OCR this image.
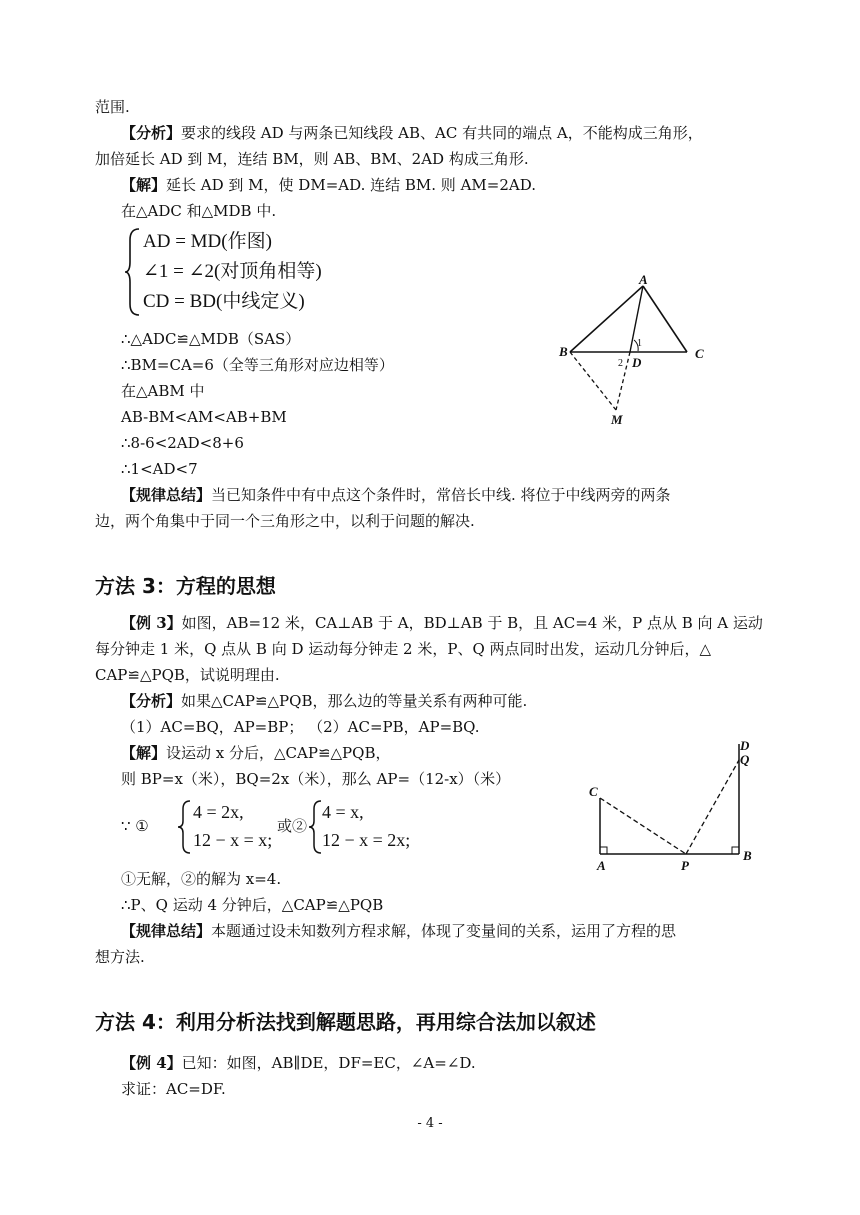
范围.
【分析】要求的线段 AD 与两条已知线段 AB、AC 有共同的端点 A，不能构成三角形，
加倍延长 AD 到 M，连结 BM，则 AB、BM、2AD 构成三角形.
【解】延长 AD 到 M，使 DM=AD. 连结 BM. 则 AM=2AD.
在△ADC 和△MDB 中.
AD = MD(作图)
∠1 = ∠2(对顶角相等)
CD = BD(中线定义)
∴△ADC≌△MDB（SAS）
∴BM=CA=6（全等三角形对应边相等）
在△ABM 中
AB-BM<AM<AB+BM
∴8-6<2AD<8+6
∴1<AD<7
【规律总结】当已知条件中有中点这个条件时，常倍长中线. 将位于中线两旁的两条
边，两个角集中于同一个三角形之中，以利于问题的解决.
A
B	C
D
M
1
2
方法 3：方程的思想
【例 3】如图，AB=12 米，CA⊥AB 于 A，BD⊥AB 于 B，且 AC=4 米，P 点从 B 向 A 运动
每分钟走 1 米，Q 点从 B 向 D 运动每分钟走 2 米，P、Q 两点同时出发，运动几分钟后，△
CAP≌△PQB，试说明理由.
【分析】如果△CAP≌△PQB，那么边的等量关系有两种可能.
（1）AC=BQ，AP=BP； （2）AC=PB，AP=BQ.
【解】设运动 x 分后，△CAP≌△PQB，
则 BP=x（米），BQ=2x（米），那么 AP=（12-x）（米）
∵ ①
4 = 2x,
12 − x = x;
或②
4 = x,
12 − x = 2x;
①无解，②的解为 x=4.
∴P、Q 运动 4 分钟后，△CAP≌△PQB
【规律总结】本题通过设未知数列方程求解，体现了变量间的关系，运用了方程的思
想方法.
C
A	P
B
D
Q
方法 4：利用分析法找到解题思路，再用综合法加以叙述
【例 4】已知：如图，AB∥DE，DF=EC，∠A=∠D.
求证：AC=DF.
- 4 -
